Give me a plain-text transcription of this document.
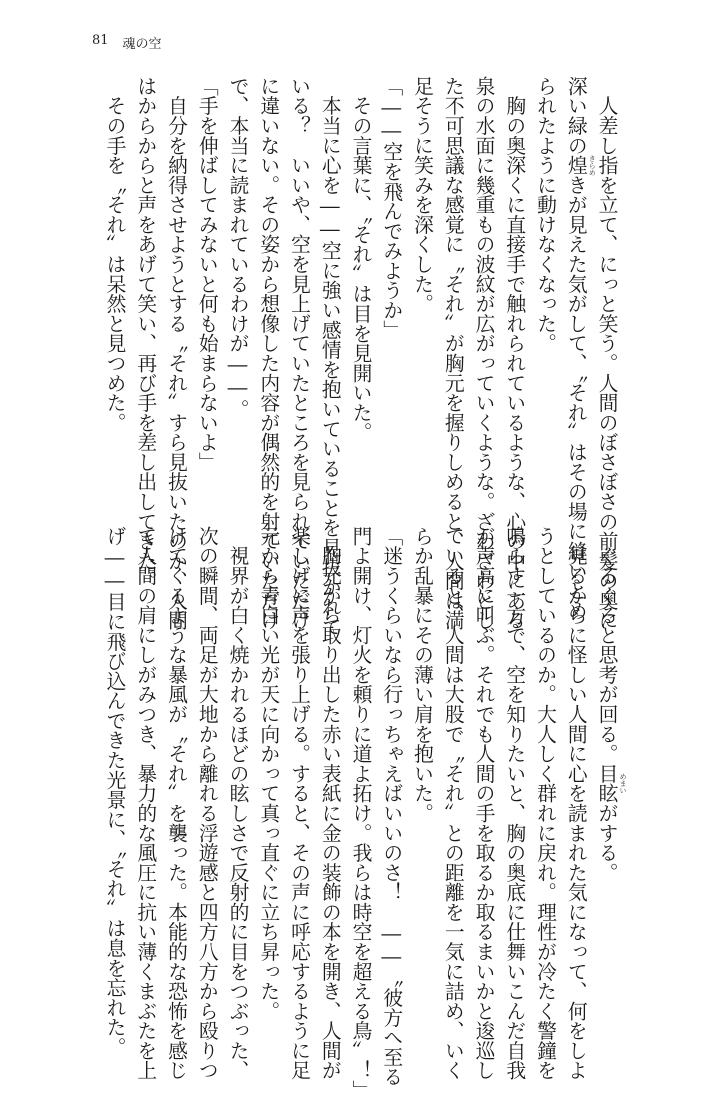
81 魂の空
　人差し指を立て、にっと笑う。人間のぼさぼさの前髪の奥に
深い緑の煌きが見えた気がして、〝それ〟はその場に縫いとめ
られたように動けなくなった。
　胸の奥深くに直接手で触れられているような、心の中にある
泉の水面に幾重もの波紋が広がっていくような。ざわざわとし
た不可思議な感覚に〝それ〟が胸元を握りしめると、人間は満
足そうに笑みを深くした。
「――空を飛んでみようか」
　その言葉に、〝それ〟は目を見開いた。
　本当に心を――空に強い感情を抱いていることを見抜かれて
いる？　いいや、空を見上げていたところを見られていただけ
に違いない。その姿から想像した内容が偶然的を射ていただけ
で、本当に読まれているわけが――。
「手を伸ばしてみないと何も始まらないよ」
　自分を納得させようとする〝それ〟すら見抜いたのか、人間
はからからと声をあげて笑い、再び手を差し出してきた。
　その手を〝それ〟は呆然と見つめた。
　ぐるぐると思考が回る。目眩がする。
　見るからに怪しい人間に心を読まれた気になって、何をしよ
うとしているのか。大人しく群れに戻れ。理性が冷たく警鐘を
鳴らす一方で、空を知りたいと、胸の奥底に仕舞いこんだ自我
が声高に叫ぶ。それでも人間の手を取るか取るまいかと逡巡し
ていると、人間は大股で〝それ〟との距離を一気に詰め、いく
らか乱暴にその薄い肩を抱いた。
「迷うくらいなら行っちゃえばいいのさ！　――〝彼方へ至る
門よ開け、灯火を頼りに道よ拓け。我らは時空を超える鳥〟！」
　胸元から取り出した赤い表紙に金の装飾の本を開き、人間が
楽しげに声を張り上げる。すると、その声に呼応するように足
元から青白い光が天に向かって真っ直ぐに立ち昇った。
　視界が白く焼かれるほどの眩しさで反射的に目をつぶった、
次の瞬間、両足が大地から離れる浮遊感と四方八方から殴りつ
けてくるような暴風が〝それ〟を襲った。本能的な恐怖を感じ
て人間の肩にしがみつき、暴力的な風圧に抗い薄くまぶたを上
げ――目に飛び込んできた光景に、〝それ〟は息を忘れた。
きらめ
めまい
